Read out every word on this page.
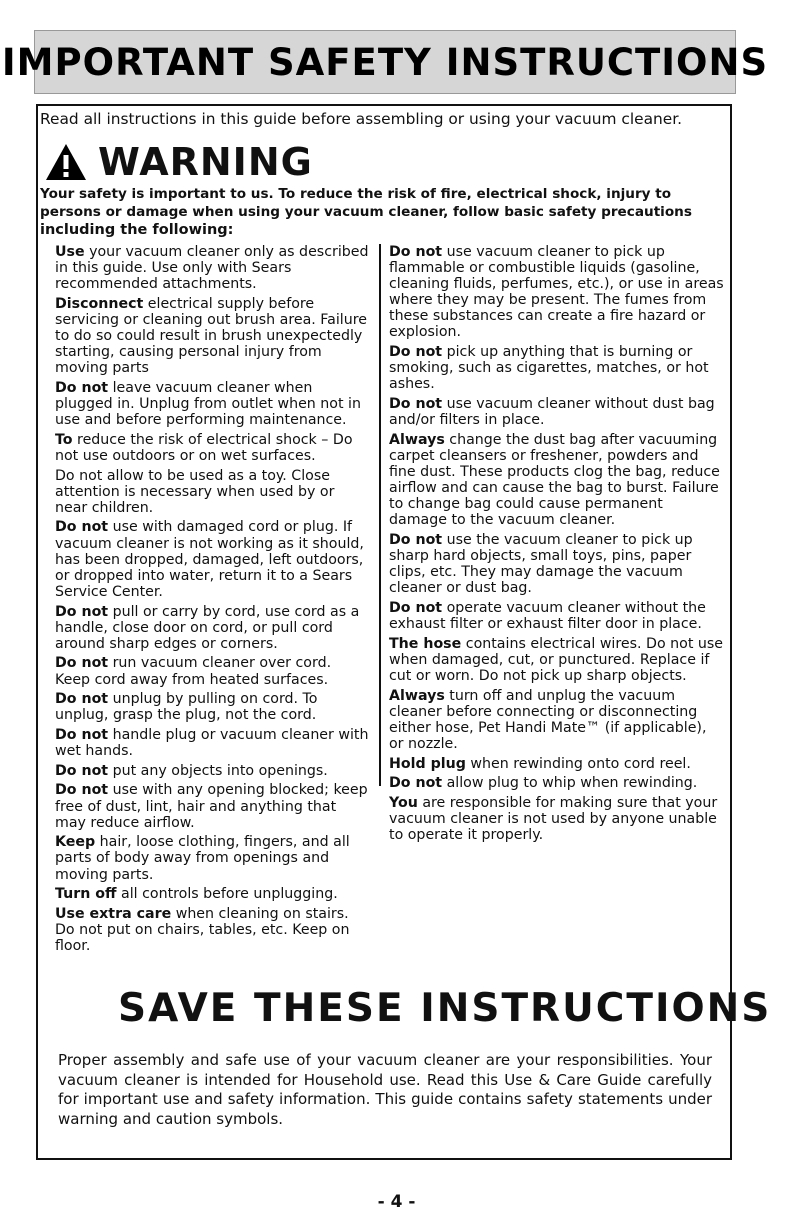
IMPORTANT SAFETY INSTRUCTIONS
Read all instructions in this guide before assembling or using your vacuum cleaner.
WARNING
Your safety is important to us. To reduce the risk of fire, electrical shock, injury to persons or damage when using your vacuum cleaner, follow basic safety precautions
including the following:

Use your vacuum cleaner only as described in this guide. Use only with Sears recommended attachments.

Disconnect electrical supply before servicing or cleaning out brush area. Failure to do so could result in brush unexpectedly starting, causing personal injury from moving parts

Do not leave vacuum cleaner when plugged in. Unplug from outlet when not in use and before performing maintenance.

To reduce the risk of electrical shock – Do not use outdoors or on wet surfaces.

Do not allow to be used as a toy. Close attention is necessary when used by or near children.

Do not use with damaged cord or plug. If vacuum cleaner is not working as it should, has been dropped, damaged, left outdoors, or dropped into water, return it to a Sears Service Center.

Do not pull or carry by cord, use cord as a handle, close door on cord, or pull cord around sharp edges or corners.

Do not run vacuum cleaner over cord. Keep cord away from heated surfaces.

Do not unplug by pulling on cord. To unplug, grasp the plug, not the cord.

Do not handle plug or vacuum cleaner with wet hands.

Do not put any objects into openings.

Do not use with any opening blocked; keep free of dust, lint, hair and anything that may reduce airflow.

Keep hair, loose clothing, fingers, and all parts of body away from openings and moving parts.

Turn off all controls before unplugging.

Use extra care when cleaning on stairs. Do not put on chairs, tables, etc. Keep on floor.

Do not use vacuum cleaner to pick up flammable or combustible liquids (gasoline, cleaning fluids, perfumes, etc.), or use in areas where they may be present. The fumes from these substances can create a fire hazard or explosion.

Do not pick up anything that is burning or smoking, such as cigarettes, matches, or hot ashes.

Do not use vacuum cleaner without dust bag and/or filters in place.

Always change the dust bag after vacuuming carpet cleansers or freshener, powders and fine dust. These products clog the bag, reduce airflow and can cause the bag to burst. Failure to change bag could cause permanent damage to the vacuum cleaner.

Do not use the vacuum cleaner to pick up sharp hard objects, small toys, pins, paper clips, etc. They may damage the vacuum cleaner or dust bag.

Do not operate vacuum cleaner without the exhaust filter or exhaust filter door in place.

The hose contains electrical wires. Do not use when damaged, cut, or punctured. Replace if cut or worn. Do not pick up sharp objects.

Always turn off and unplug the vacuum cleaner before connecting or disconnecting either hose, Pet Handi Mate™ (if applicable), or nozzle.

Hold plug when rewinding onto cord reel.

Do not allow plug to whip when rewinding.

You are responsible for making sure that your vacuum cleaner is not used by anyone unable to operate it properly.

SAVE THESE INSTRUCTIONS
Proper assembly and safe use of your vacuum cleaner are your responsibilities. Your vacuum cleaner is intended for Household use. Read this Use & Care Guide carefully for important use and safety information. This guide contains safety statements under warning and caution symbols.
- 4 -
